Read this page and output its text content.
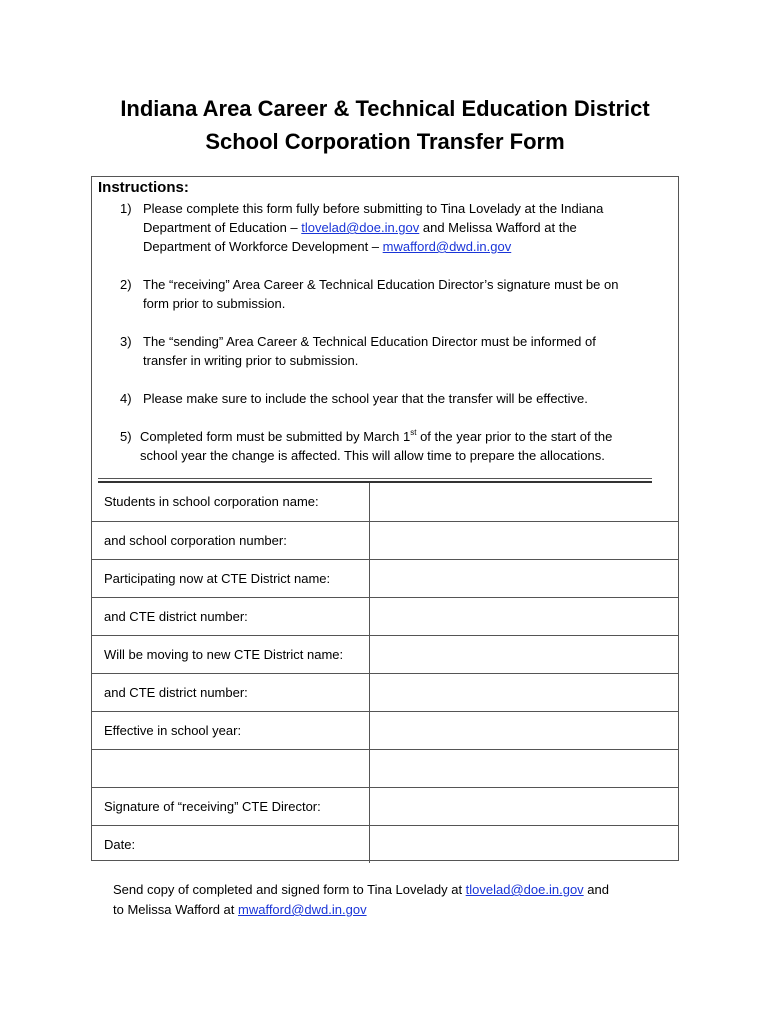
Indiana Area Career & Technical Education District
School Corporation Transfer Form
Instructions:
1) Please complete this form fully before submitting to Tina Lovelady at the Indiana
Department of Education – tlovelad@doe.in.gov and Melissa Wafford at the
Department of Workforce Development – mwafford@dwd.in.gov
2) The “receiving” Area Career & Technical Education Director’s signature must be on
form prior to submission.
3) The “sending” Area Career & Technical Education Director must be informed of
transfer in writing prior to submission.
4) Please make sure to include the school year that the transfer will be effective.
5) Completed form must be submitted by March 1st of the year prior to the start of the
school year the change is affected. This will allow time to prepare the allocations.
Students in school corporation name:	
and school corporation number:	
Participating now at CTE District name:	
and CTE district number:	
Will be moving to new CTE District name:	
and CTE district number:	
Effective in school year:	

Signature of “receiving” CTE Director:	
Date:	
Send copy of completed and signed form to Tina Lovelady at tlovelad@doe.in.gov and
to Melissa Wafford at mwafford@dwd.in.gov
